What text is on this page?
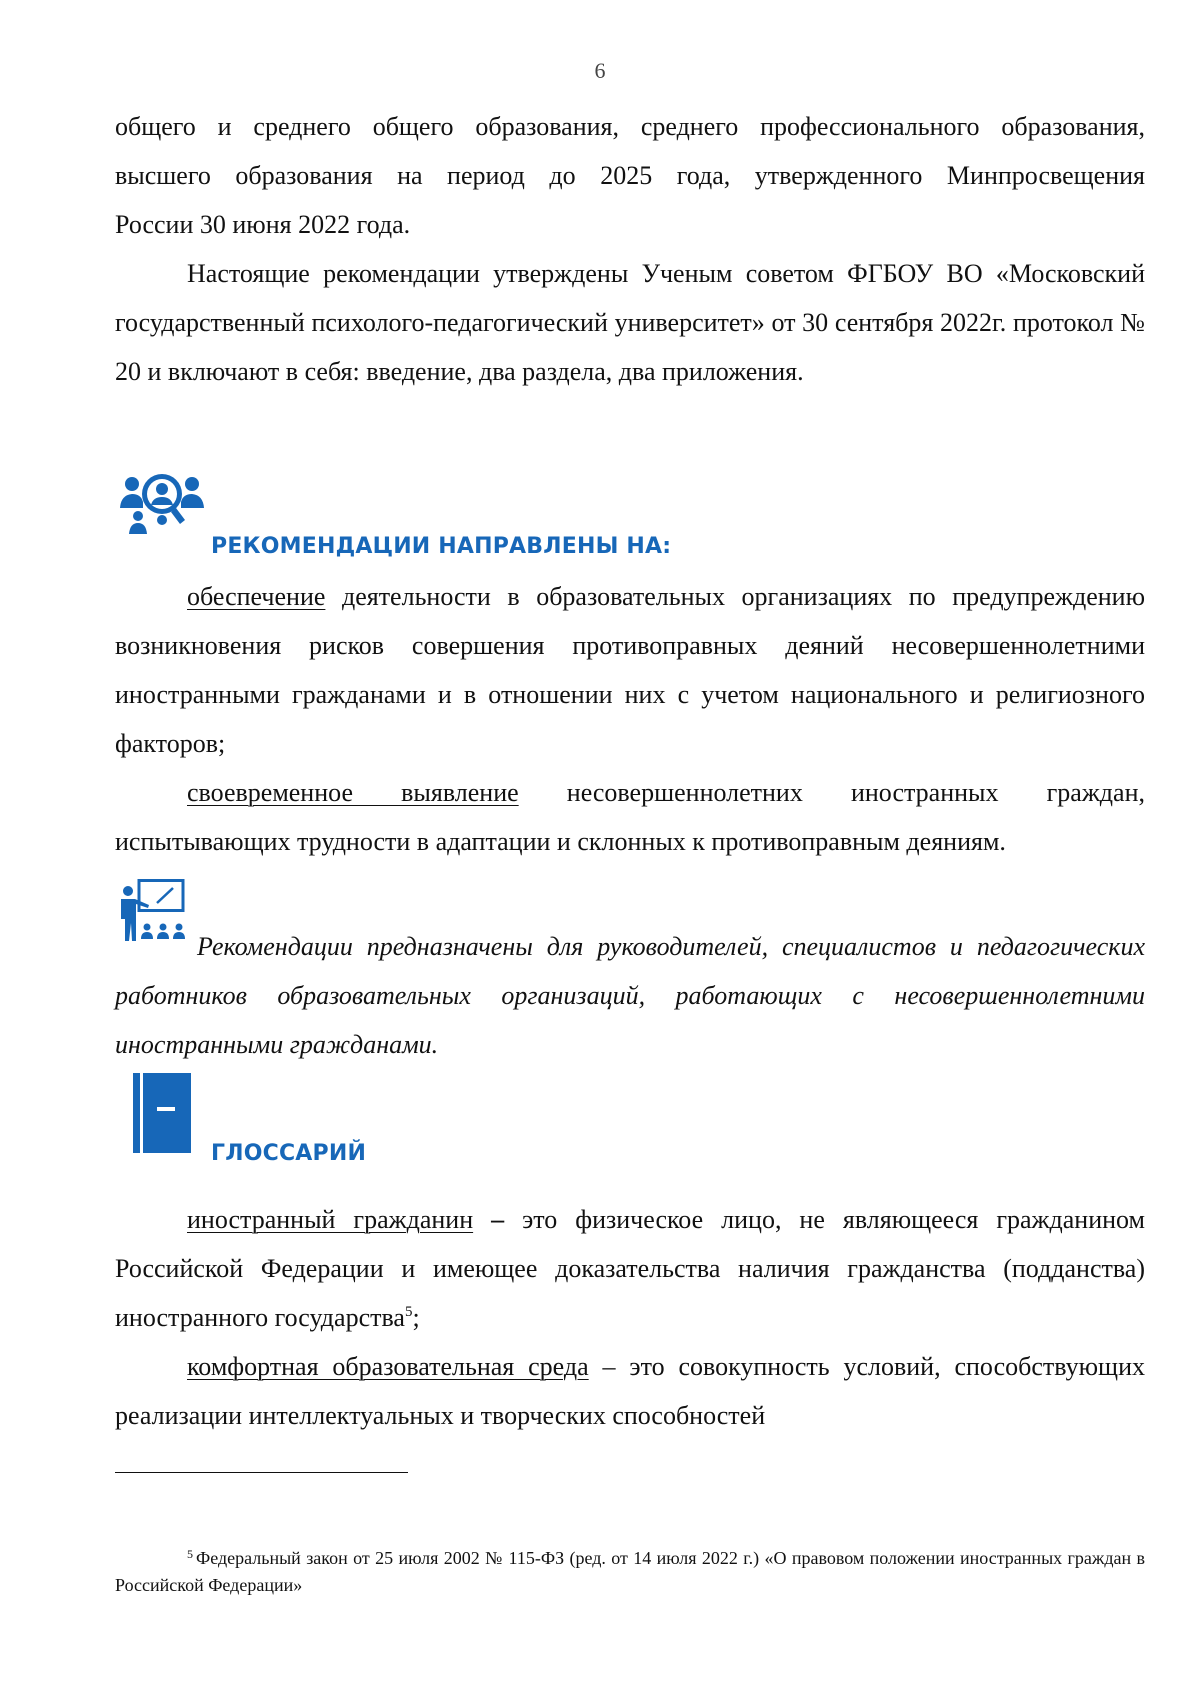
6

общего и среднего общего образования, среднего профессионального образования,

высшего образования на период до 2025 года, утвержденного Минпросвещения

России 30 июня 2022 года.

Настоящие рекомендации утверждены Ученым советом ФГБОУ ВО «Московский государственный психолого-педагогический университет» от 30 сентября 2022г. протокол № 20 и включают в себя: введение, два раздела, два приложения.

РЕКОМЕНДАЦИИ НАПРАВЛЕНЫ НА:

обеспечение деятельности в образовательных организациях по предупреждению возникновения рисков совершения противоправных деяний несовершеннолетними иностранными гражданами и в отношении них с учетом национального и религиозного факторов;

своевременное выявление несовершеннолетних иностранных граждан, испытывающих трудности в адаптации и склонных к противоправным деяниям.

Рекомендации предназначены для руководителей, специалистов и педагогических работников образовательных организаций, работающих с несовершеннолетними иностранными гражданами.

ГЛОССАРИЙ

иностранный гражданин – это физическое лицо, не являющееся гражданином Российской Федерации и имеющее доказательства наличия гражданства (подданства) иностранного государства$^5$;

комфортная образовательная среда – это совокупность условий, способствующих реализации интеллектуальных и творческих способностей

$^5$ Федеральный закон от 25 июля 2002 № 115-ФЗ (ред. от 14 июля 2022 г.) «О правовом положении иностранных граждан в Российской Федерации»
